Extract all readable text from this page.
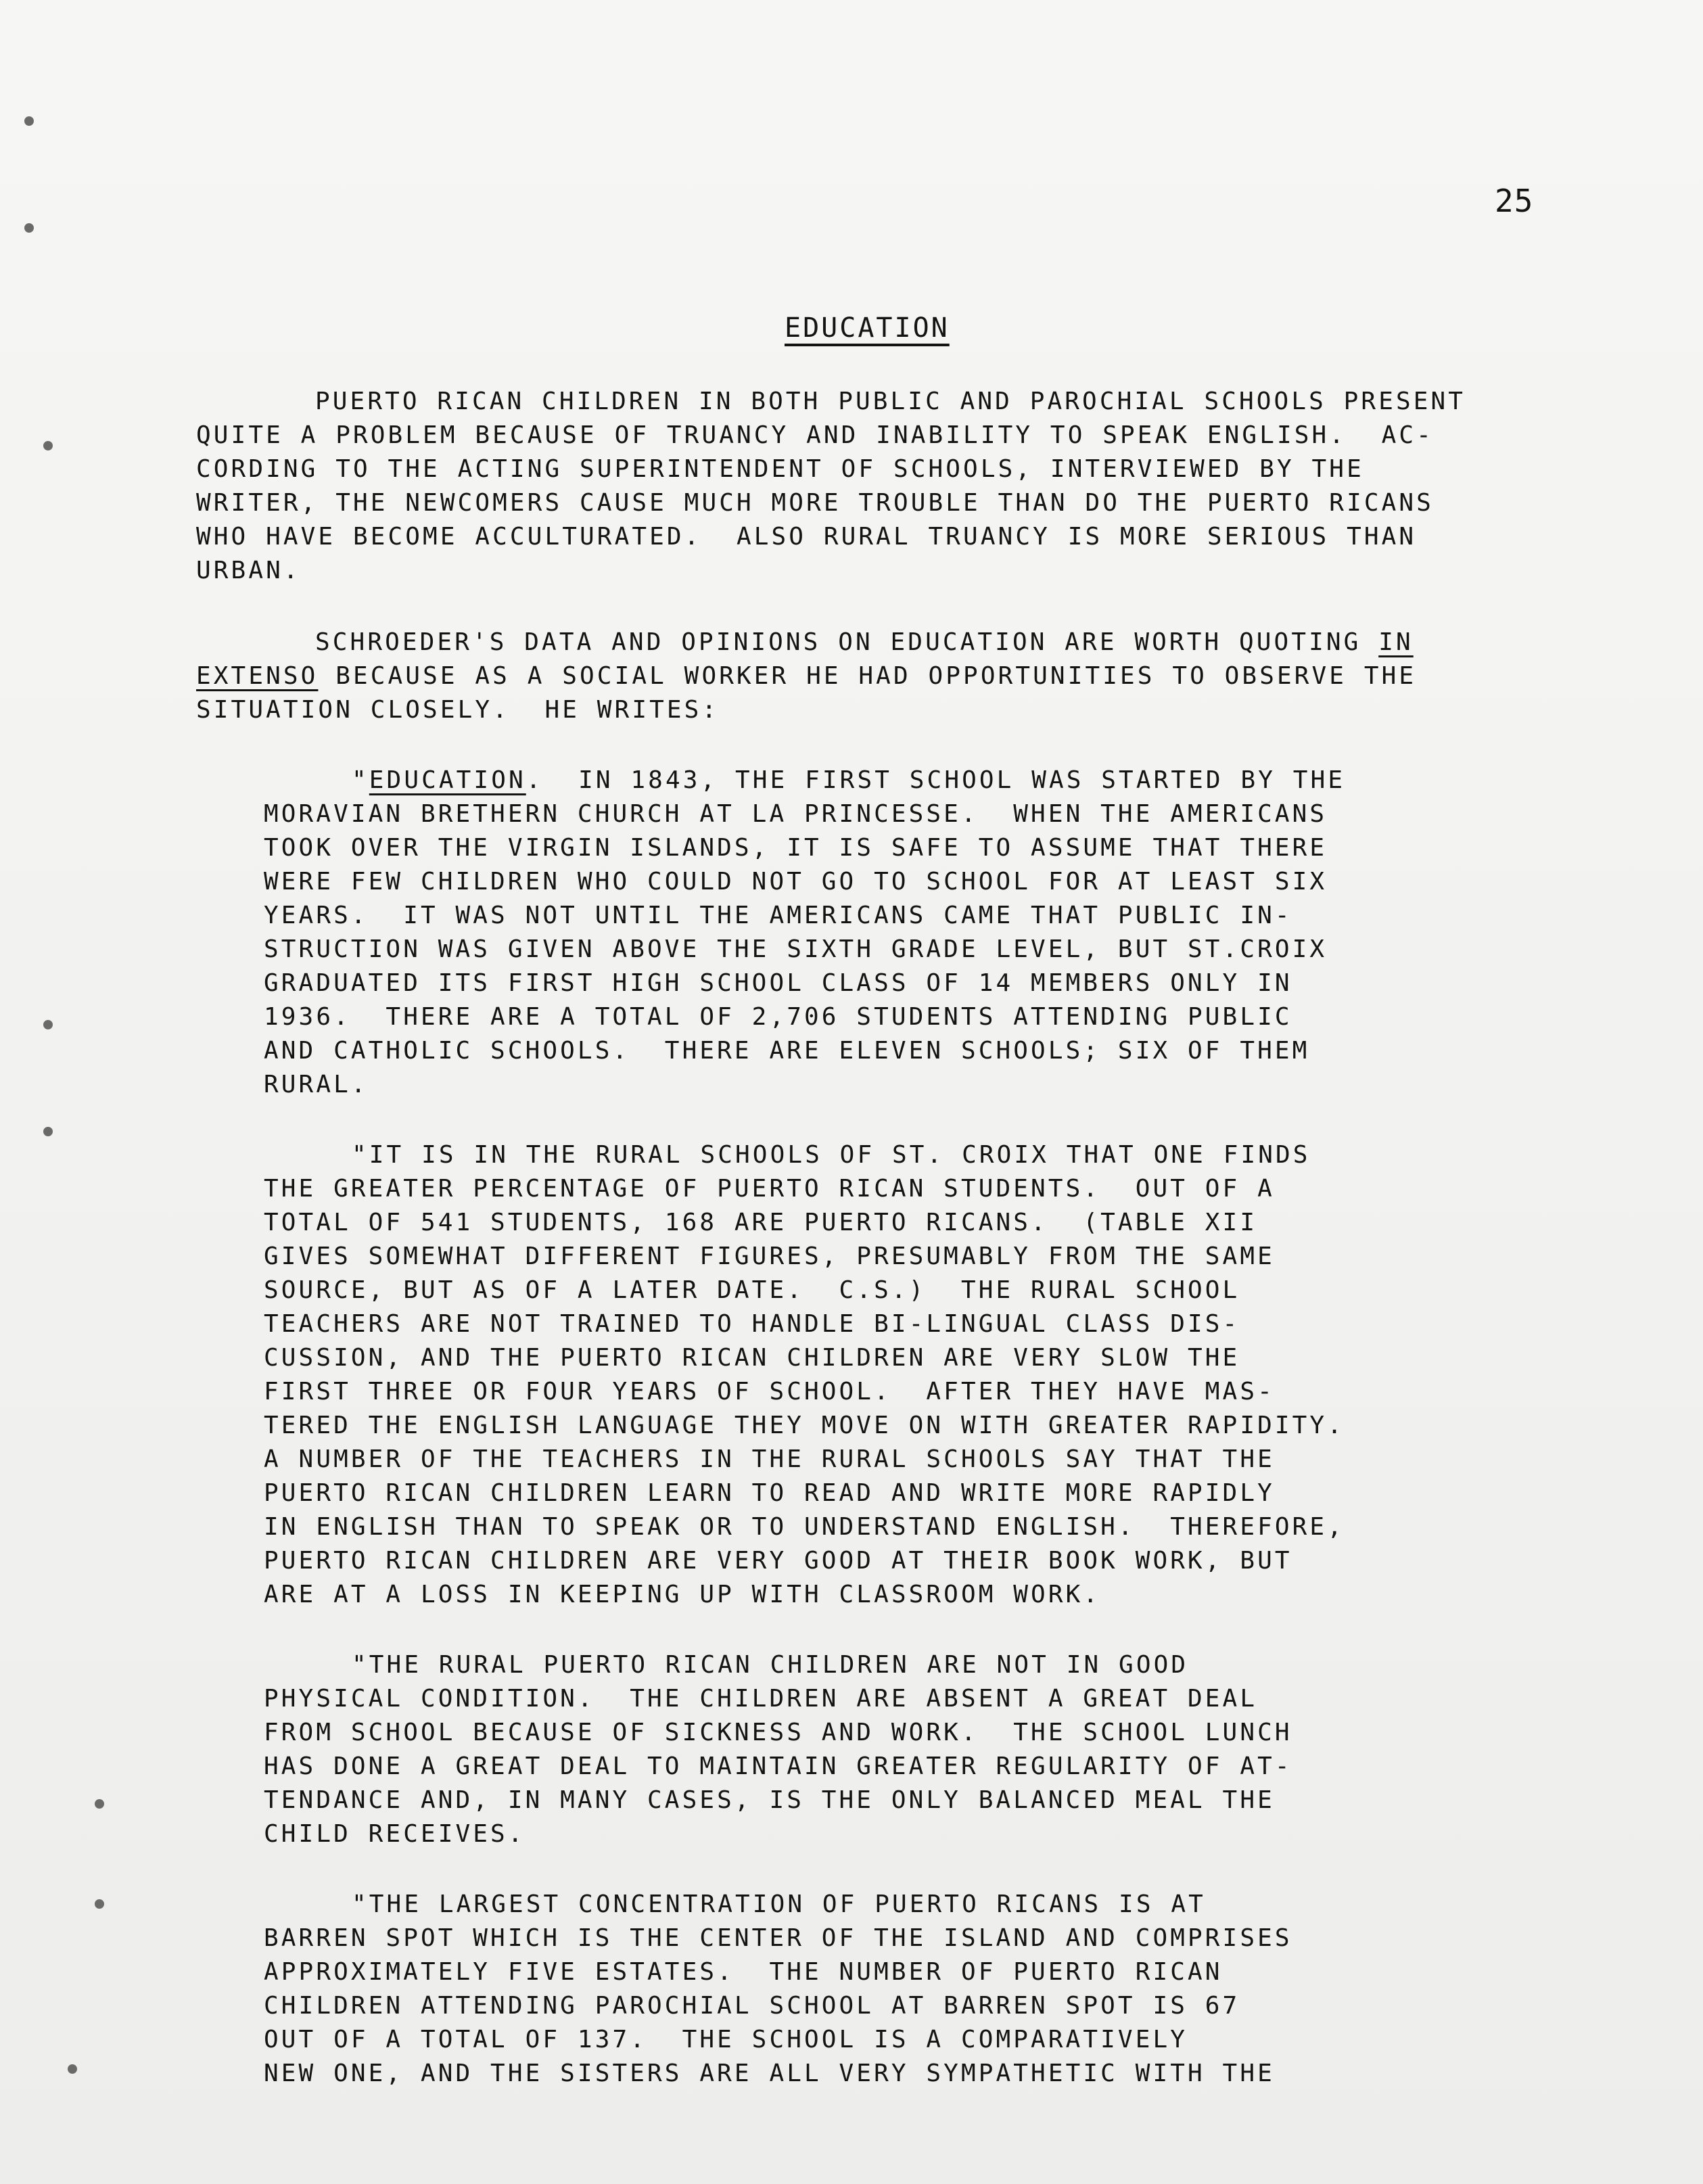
25
EDUCATION
PUERTO RICAN CHILDREN IN BOTH PUBLIC AND PAROCHIAL SCHOOLS PRESENT
QUITE A PROBLEM BECAUSE OF TRUANCY AND INABILITY TO SPEAK ENGLISH.  AC-
CORDING TO THE ACTING SUPERINTENDENT OF SCHOOLS, INTERVIEWED BY THE
WRITER, THE NEWCOMERS CAUSE MUCH MORE TROUBLE THAN DO THE PUERTO RICANS
WHO HAVE BECOME ACCULTURATED.  ALSO RURAL TRUANCY IS MORE SERIOUS THAN
URBAN.
SCHROEDER'S DATA AND OPINIONS ON EDUCATION ARE WORTH QUOTING IN
EXTENSO BECAUSE AS A SOCIAL WORKER HE HAD OPPORTUNITIES TO OBSERVE THE
SITUATION CLOSELY.  HE WRITES:
"EDUCATION.  IN 1843, THE FIRST SCHOOL WAS STARTED BY THE
MORAVIAN BRETHERN CHURCH AT LA PRINCESSE.  WHEN THE AMERICANS
TOOK OVER THE VIRGIN ISLANDS, IT IS SAFE TO ASSUME THAT THERE
WERE FEW CHILDREN WHO COULD NOT GO TO SCHOOL FOR AT LEAST SIX
YEARS.  IT WAS NOT UNTIL THE AMERICANS CAME THAT PUBLIC IN-
STRUCTION WAS GIVEN ABOVE THE SIXTH GRADE LEVEL, BUT ST.CROIX
GRADUATED ITS FIRST HIGH SCHOOL CLASS OF 14 MEMBERS ONLY IN
1936.  THERE ARE A TOTAL OF 2,706 STUDENTS ATTENDING PUBLIC
AND CATHOLIC SCHOOLS.  THERE ARE ELEVEN SCHOOLS; SIX OF THEM
RURAL.
"IT IS IN THE RURAL SCHOOLS OF ST. CROIX THAT ONE FINDS
THE GREATER PERCENTAGE OF PUERTO RICAN STUDENTS.  OUT OF A
TOTAL OF 541 STUDENTS, 168 ARE PUERTO RICANS.  (TABLE XII
GIVES SOMEWHAT DIFFERENT FIGURES, PRESUMABLY FROM THE SAME
SOURCE, BUT AS OF A LATER DATE.  C.S.)  THE RURAL SCHOOL
TEACHERS ARE NOT TRAINED TO HANDLE BI-LINGUAL CLASS DIS-
CUSSION, AND THE PUERTO RICAN CHILDREN ARE VERY SLOW THE
FIRST THREE OR FOUR YEARS OF SCHOOL.  AFTER THEY HAVE MAS-
TERED THE ENGLISH LANGUAGE THEY MOVE ON WITH GREATER RAPIDITY.
A NUMBER OF THE TEACHERS IN THE RURAL SCHOOLS SAY THAT THE
PUERTO RICAN CHILDREN LEARN TO READ AND WRITE MORE RAPIDLY
IN ENGLISH THAN TO SPEAK OR TO UNDERSTAND ENGLISH.  THEREFORE,
PUERTO RICAN CHILDREN ARE VERY GOOD AT THEIR BOOK WORK, BUT
ARE AT A LOSS IN KEEPING UP WITH CLASSROOM WORK.
"THE RURAL PUERTO RICAN CHILDREN ARE NOT IN GOOD
PHYSICAL CONDITION.  THE CHILDREN ARE ABSENT A GREAT DEAL
FROM SCHOOL BECAUSE OF SICKNESS AND WORK.  THE SCHOOL LUNCH
HAS DONE A GREAT DEAL TO MAINTAIN GREATER REGULARITY OF AT-
TENDANCE AND, IN MANY CASES, IS THE ONLY BALANCED MEAL THE
CHILD RECEIVES.
"THE LARGEST CONCENTRATION OF PUERTO RICANS IS AT
BARREN SPOT WHICH IS THE CENTER OF THE ISLAND AND COMPRISES
APPROXIMATELY FIVE ESTATES.  THE NUMBER OF PUERTO RICAN
CHILDREN ATTENDING PAROCHIAL SCHOOL AT BARREN SPOT IS 67
OUT OF A TOTAL OF 137.  THE SCHOOL IS A COMPARATIVELY
NEW ONE, AND THE SISTERS ARE ALL VERY SYMPATHETIC WITH THE
